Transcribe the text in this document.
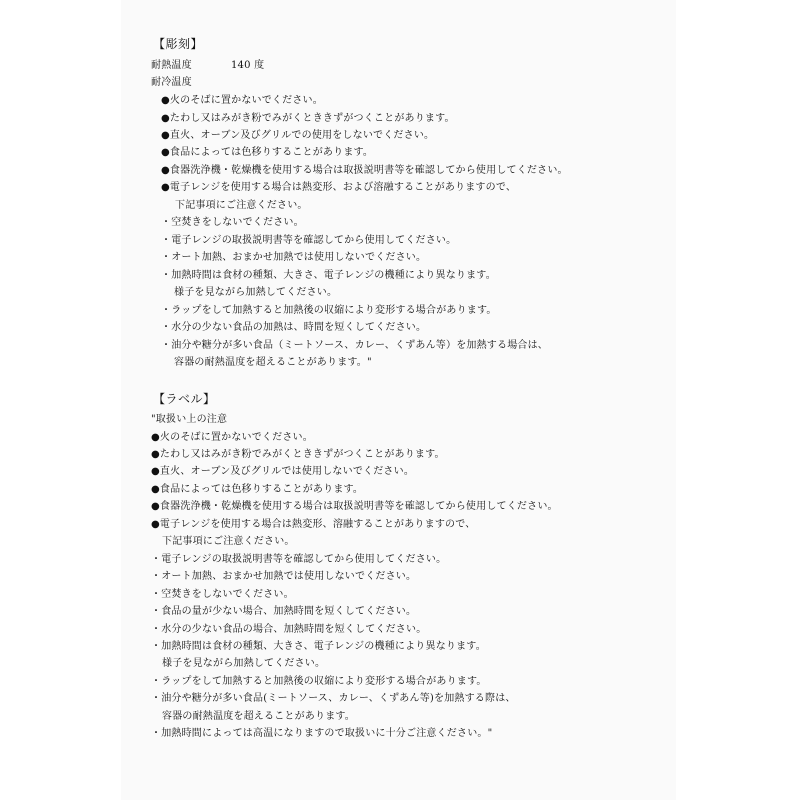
【彫刻】
耐熱温度	140 度
耐冷温度
●火のそばに置かないでください。
●たわし又はみがき粉でみがくとききずがつくことがあります。
●直火、オーブン及びグリルでの使用をしないでください。
●食品によっては色移りすることがあります。
●食器洗浄機・乾燥機を使用する場合は取扱説明書等を確認してから使用してください。
●電子レンジを使用する場合は熱変形、および溶融することがありますので、
下記事項にご注意ください。
・空焚きをしないでください。
・電子レンジの取扱説明書等を確認してから使用してください。
・オート加熱、おまかせ加熱では使用しないでください。
・加熱時間は食材の種類、大きさ、電子レンジの機種により異なります。
様子を見ながら加熱してください。
・ラップをして加熱すると加熱後の収縮により変形する場合があります。
・水分の少ない食品の加熱は、時間を短くしてください。
・油分や糖分が多い食品（ミートソース、カレー、くずあん等）を加熱する場合は、
容器の耐熱温度を超えることがあります。"
【ラベル】
"取扱い上の注意
●火のそばに置かないでください。
●たわし又はみがき粉でみがくとききずがつくことがあります。
●直火、オーブン及びグリルでは使用しないでください。
●食品によっては色移りすることがあります。
●食器洗浄機・乾燥機を使用する場合は取扱説明書等を確認してから使用してください。
●電子レンジを使用する場合は熱変形、溶融することがありますので、
下記事項にご注意ください。
・電子レンジの取扱説明書等を確認してから使用してください。
・オート加熱、おまかせ加熱では使用しないでください。
・空焚きをしないでください。
・食品の量が少ない場合、加熱時間を短くしてください。
・水分の少ない食品の場合、加熱時間を短くしてください。
・加熱時間は食材の種類、大きさ、電子レンジの機種により異なります。
様子を見ながら加熱してください。
・ラップをして加熱すると加熱後の収縮により変形する場合があります。
・油分や糖分が多い食品(ミートソース、カレー、くずあん等)を加熱する際は、
容器の耐熱温度を超えることがあります。
・加熱時間によっては高温になりますので取扱いに十分ご注意ください。"
